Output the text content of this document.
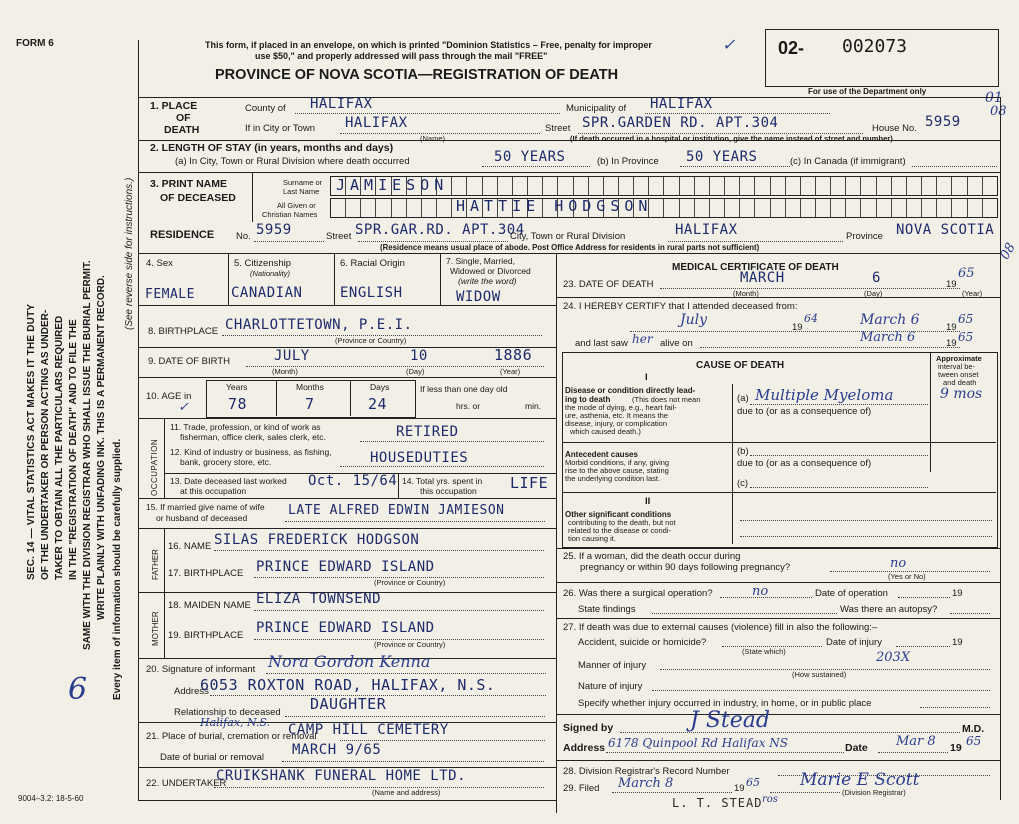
FORM 6
SEC. 14 — VITAL STATISTICS ACT MAKES IT THE DUTY OF THE UNDERTAKER OR PERSON ACTING AS UNDER- TAKER TO OBTAIN ALL THE PARTICULARS REQUIRED IN THE "REGISTRATION OF DEATH" AND TO FILE THE SAME WITH THE DIVISION REGISTRAR WHO SHALL ISSUE THE BURIAL PERMIT. WRITE PLAINLY WITH UNFADING INK. THIS IS A PERMANENT RECORD. Every item of information should be carefully supplied.
(See reverse side for instructions.)
6
9004–3.2: 18-5-60
This form, if placed in an envelope, on which is printed "Dominion Statistics – Free, penalty for improper
use $50," and properly addressed will pass through the mail "FREE"
PROVINCE OF NOVA SCOTIA—REGISTRATION OF DEATH
✓ 02- 002073
For use of the Department only	01
08
08
1. PLACE
OF
DEATH
County of HALIFAX	Municipality of HALIFAX
If in City or Town HALIFAX
(Name)
Street SPR.GARDEN RD. APT.304	House No. 5959
(If death occurred in a hospital or institution, give the name instead of street and number)
2. LENGTH OF STAY (in years, months and days)
(a) In City, Town or Rural Division where death occurred	50 YEARS	(b) In Province 50 YEARS	(c) In Canada (if immigrant)
3. PRINT NAME
OF DECEASED
Surname or
Last Name
All Given or
Christian Names
JAMIESON
HATTIE HODGSON
RESIDENCE No. 5959	Street SPR.GAR.RD. APT.304
City, Town or Rural Division	HALIFAX	Province NOVA SCOTIA
(Residence means usual place of abode. Post Office Address for residents in rural parts not sufficient)
4. Sex
FEMALE
5. Citizenship
(Nationality)
CANADIAN
6. Racial Origin
ENGLISH
7. Single, Married,
Widowed or Divorced
(write the word)
WIDOW
8. BIRTHPLACE CHARLOTTETOWN, P.E.I.
(Province or Country)
9. DATE OF BIRTH	JULY	10	1886
(Month)	(Day)	(Year)
10. AGE in
✓
Years	Months	Days
78	7	24
If less than one day old
hrs. or	min.
OCCUPATION
11. Trade, profession, or kind of work as
fisherman, office clerk, sales clerk, etc.	RETIRED
12. Kind of industry or business, as fishing,
bank, grocery store, etc.	HOUSEDUTIES
13. Date deceased last worked
at this occupation
Oct. 15/64 14. Total yrs. spent in
this occupation LIFE
15. If married give name of wife
or husband of deceased	LATE ALFRED EDWIN JAMIESON
FATHER
MOTHER
16. NAME SILAS FREDERICK HODGSON
17. BIRTHPLACE PRINCE EDWARD ISLAND
(Province or Country)
18. MAIDEN NAME ELIZA TOWNSEND
19. BIRTHPLACE PRINCE EDWARD ISLAND
(Province or Country)
20. Signature of informant Nora Gordon Kenna
Address
6053 ROXTON ROAD, HALIFAX, N.S.
Relationship to deceased DAUGHTER
Halifax, N.S.
21. Place of burial, cremation or removal
CAMP HILL CEMETERY
Date of burial or removal MARCH 9/65
22. UNDERTAKER
CRUIKSHANK FUNERAL HOME LTD.
(Name and address)
MEDICAL CERTIFICATE OF DEATH
23. DATE OF DEATH	MARCH	6	19
65
(Month)	(Day)	(Year)
24. I HEREBY CERTIFY that I attended deceased from:
July	19
64	March 6	19
65
and last saw her alive on	March 6	19 65
CAUSE OF DEATH
Approximate
interval be-
tween onset
and death
I
Disease or condition directly lead-
ing to death	(This does not mean
the mode of dying, e.g., heart fail-
ure, asthenia, etc. It means the
disease, injury, or complication
which caused death.)
(a) Multiple Myeloma	9 mos
due to (or as a consequence of)
Antecedent causes
Morbid conditions, if any, giving
rise to the above cause, stating
the underlying condition last.
(b)
due to (or as a consequence of)
(c)
II
Other significant conditions
contributing to the death, but not
related to the disease or condi-
tion causing it.
25. If a woman, did the death occur during
pregnancy or within 90 days following pregnancy?	no
(Yes or No)
26. Was there a surgical operation?	no	Date of operation	19
State findings	Was there an autopsy?
27. If death was due to external causes (violence) fill in also the following:–
Accident, suicide or homicide?
(State which)
Date of injury	19
Manner of injury
203X
(How sustained)
Nature of injury
Specify whether injury occurred in industry, in home, or in public place
Signed by	J Stead	M.D.
Address 6178 Quinpool Rd Halifax NS	Date Mar 8 19 65
28. Division Registrar's Record Number
29. Filed March 8	19 65 Marie E Scott
(Division Registrar)
L. T. STEAD ros
